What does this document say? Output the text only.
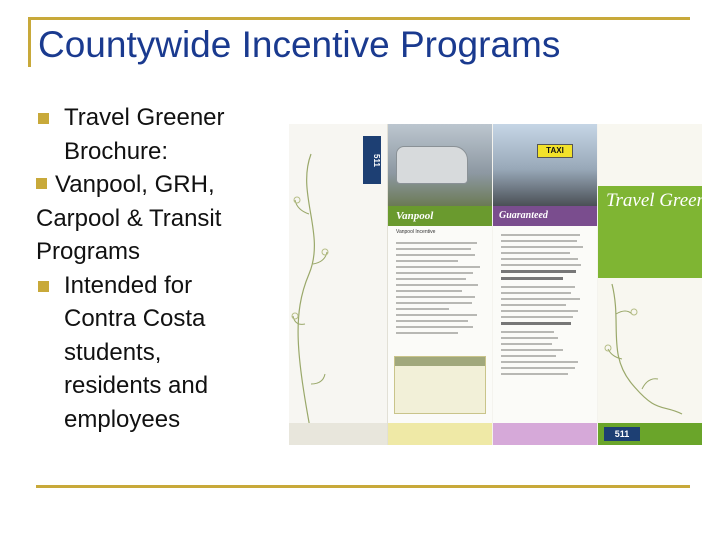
Countywide Incentive Programs
Travel Greener
Brochure:
Vanpool, GRH,
Carpool & Transit
Programs
Intended for
Contra Costa
students,
residents and
employees
511
Vanpool
Vanpool Incentive
TAXI
Guaranteed
Travel Greener
511
